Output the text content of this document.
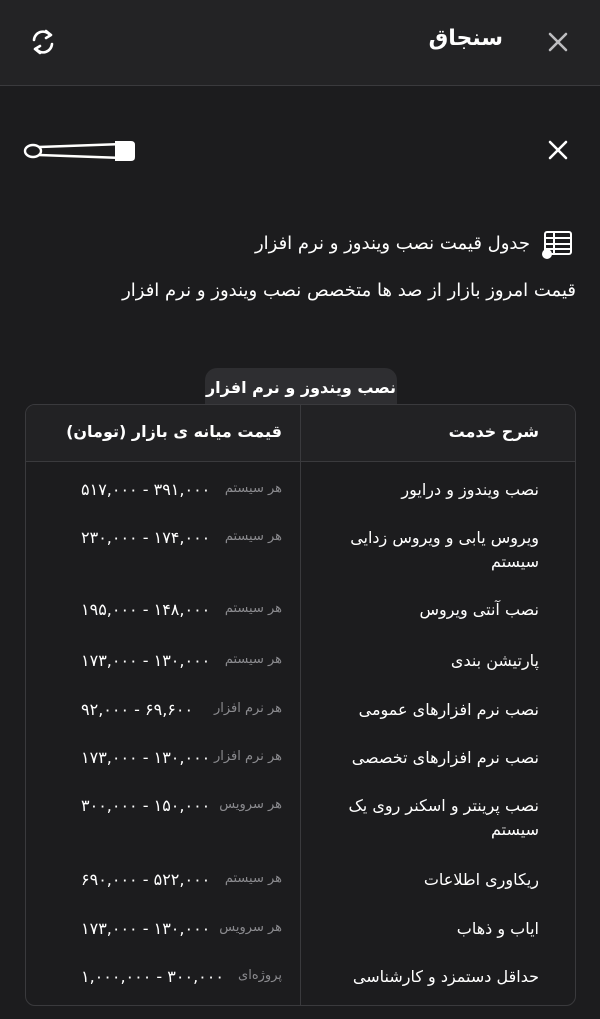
سنجاق
جدول قیمت نصب ویندوز و نرم افزار
قیمت امروز بازار از صد ها متخصص نصب ویندوز و نرم افزار
نصب ویندوز و نرم افزار
شرح خدمت
قیمت میانه ی بازار (تومان)
نصب ویندوز و درایور
هر سیستم
۳۹۱,۰۰۰ - ۵۱۷,۰۰۰
ویروس یابی و ویروس زدایی سیستم
هر سیستم
۱۷۴,۰۰۰ - ۲۳۰,۰۰۰
نصب آنتی ویروس
هر سیستم
۱۴۸,۰۰۰ - ۱۹۵,۰۰۰
پارتیشن بندی
هر سیستم
۱۳۰,۰۰۰ - ۱۷۳,۰۰۰
نصب نرم افزارهای عمومی
هر نرم افزار
۶۹,۶۰۰ - ۹۲,۰۰۰
نصب نرم افزارهای تخصصی
هر نرم افزار
۱۳۰,۰۰۰ - ۱۷۳,۰۰۰
نصب پرینتر و اسکنر روی یک سیستم
هر سرویس
۱۵۰,۰۰۰ - ۳۰۰,۰۰۰
ریکاوری اطلاعات
هر سیستم
۵۲۲,۰۰۰ - ۶۹۰,۰۰۰
ایاب و ذهاب
هر سرویس
۱۳۰,۰۰۰ - ۱۷۳,۰۰۰
حداقل دستمزد و کارشناسی
پروژه‌ای
۳۰۰,۰۰۰ - ۱,۰۰۰,۰۰۰
